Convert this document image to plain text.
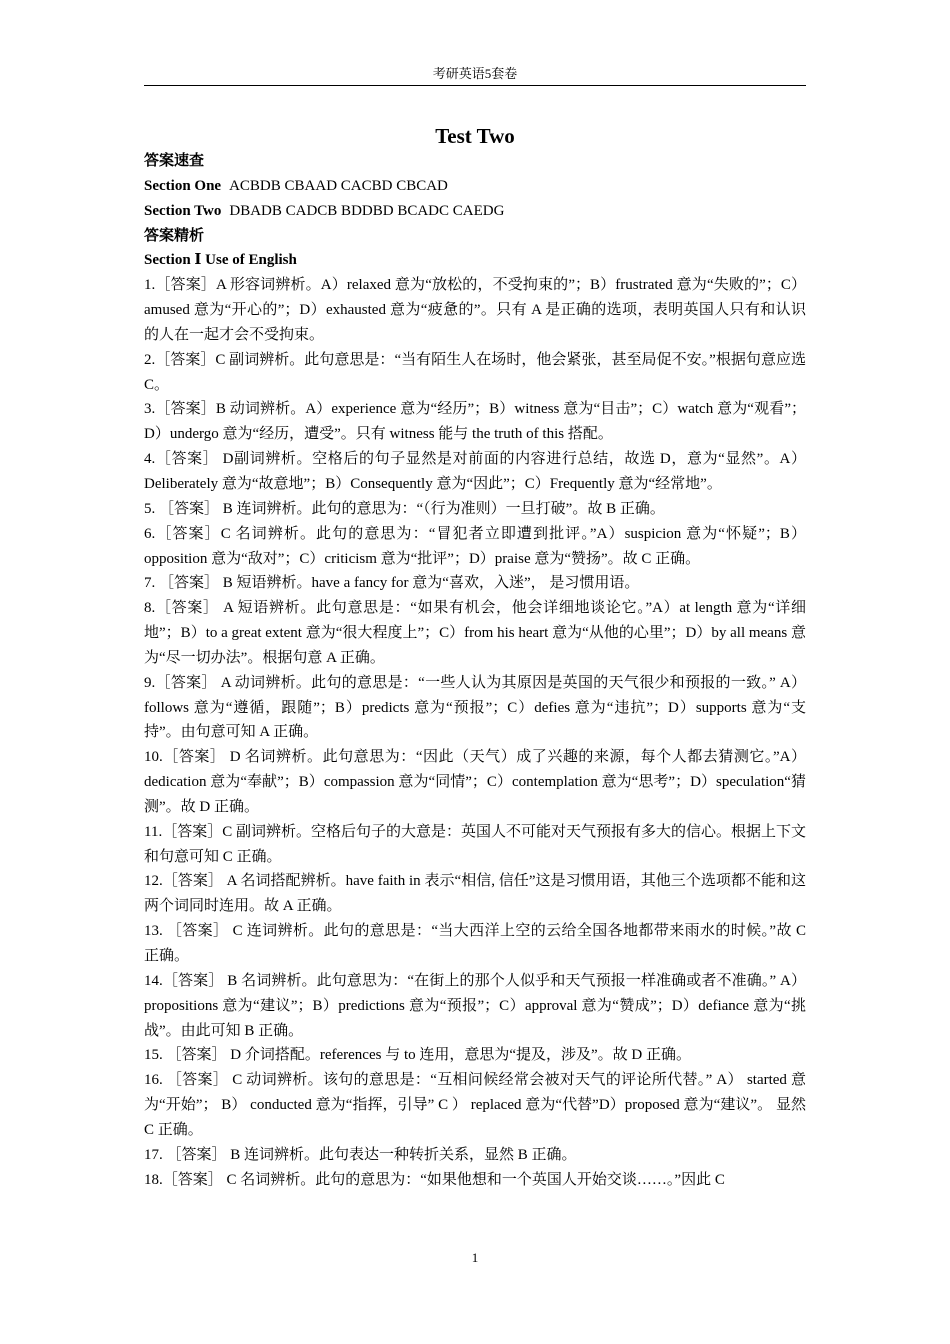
考研英语5套卷
Test Two

答案速查

Section One ACBDB CBAAD CACBD CBCAD

Section Two DBADB CADCB BDDBD BCADC CAEDG

答案精析

Section Ⅰ Use of English

1.［答案］A 形容词辨析。A）relaxed 意为“放松的，不受拘束的”；B）frustrated 意为“失败的”；C）amused 意为“开心的”；D）exhausted 意为“疲惫的”。只有 A 是正确的选项，表明英国人只有和认识的人在一起才会不受拘束。

2.［答案］C 副词辨析。此句意思是：“当有陌生人在场时，他会紧张，甚至局促不安。”根据句意应选 C。

3.［答案］B 动词辨析。A）experience 意为“经历”；B）witness 意为“目击”；C）watch 意为“观看”；D）undergo 意为“经历，遭受”。只有 witness 能与 the truth of this 搭配。

4.［答案］ D副词辨析。空格后的句子显然是对前面的内容进行总结，故选 D，意为“显然”。A）Deliberately 意为“故意地”；B）Consequently 意为“因此”；C）Frequently 意为“经常地”。

5. ［答案］ B 连词辨析。此句的意思为：“（行为准则）一旦打破”。故 B 正确。

6.［答案］C 名词辨析。此句的意思为：“冒犯者立即遭到批评。”A）suspicion 意为“怀疑”；B）opposition 意为“敌对”；C）criticism 意为“批评”；D）praise 意为“赞扬”。故 C 正确。

7. ［答案］ B 短语辨析。have a fancy for 意为“喜欢，入迷”， 是习惯用语。

8.［答案］ A 短语辨析。此句意思是：“如果有机会，他会详细地谈论它。”A）at length 意为“详细地”；B）to a great extent 意为“很大程度上”；C）from his heart 意为“从他的心里”；D）by all means 意为“尽一切办法”。根据句意 A 正确。

9.［答案］ A 动词辨析。此句的意思是：“一些人认为其原因是英国的天气很少和预报的一致。” A）follows 意为“遵循，跟随”；B）predicts 意为“预报”；C）defies 意为“违抗”；D）supports 意为“支持”。由句意可知 A 正确。

10.［答案］ D 名词辨析。此句意思为：“因此（天气）成了兴趣的来源，每个人都去猜测它。”A）dedication 意为“奉献”；B）compassion 意为“同情”；C）contemplation 意为“思考”；D）speculation“猜测”。故 D 正确。

11.［答案］C 副词辨析。空格后句子的大意是：英国人不可能对天气预报有多大的信心。根据上下文和句意可知 C 正确。

12.［答案］ A 名词搭配辨析。have faith in 表示“相信, 信任”这是习惯用语，其他三个选项都不能和这两个词同时连用。故 A 正确。

13. ［答案］ C 连词辨析。此句的意思是：“当大西洋上空的云给全国各地都带来雨水的时候。”故 C 正确。

14.［答案］ B 名词辨析。此句意思为：“在街上的那个人似乎和天气预报一样准确或者不准确。” A）propositions 意为“建议”；B）predictions 意为“预报”；C）approval 意为“赞成”；D）defiance 意为“挑战”。由此可知 B 正确。

15. ［答案］ D 介词搭配。references 与 to 连用，意思为“提及，涉及”。故 D 正确。

16. ［答案］ C 动词辨析。该句的意思是：“互相问候经常会被对天气的评论所代替。” A） started 意为“开始”； B） conducted 意为“指挥，引导” C ） replaced 意为“代替”D）proposed 意为“建议”。 显然 C 正确。

17. ［答案］ B 连词辨析。此句表达一种转折关系，显然 B 正确。

18.［答案］ C 名词辨析。此句的意思为：“如果他想和一个英国人开始交谈……。”因此 C

1
